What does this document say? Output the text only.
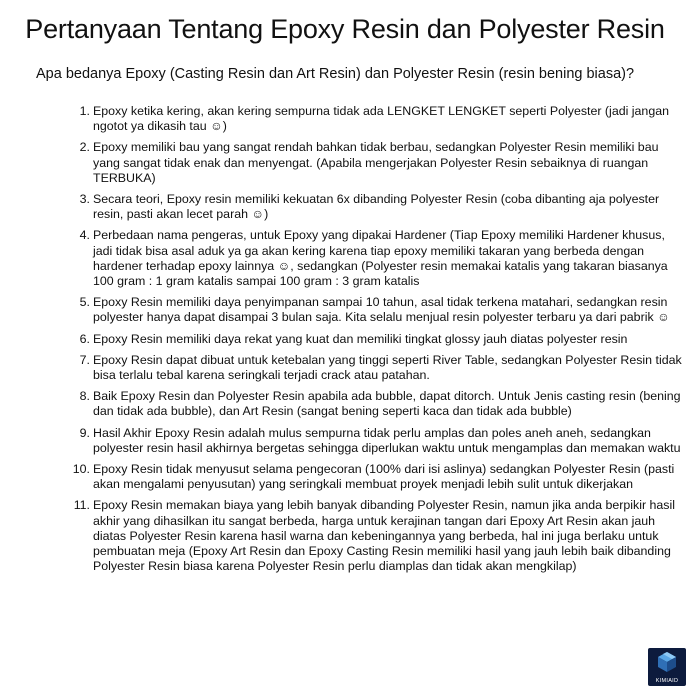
Pertanyaan Tentang Epoxy Resin dan Polyester Resin

Apa bedanya Epoxy (Casting Resin dan Art Resin) dan Polyester Resin (resin bening biasa)?

1. Epoxy ketika kering, akan kering sempurna tidak ada LENGKET LENGKET seperti Polyester (jadi jangan ngotot ya dikasih tau ☺)
2. Epoxy memiliki bau yang sangat rendah bahkan tidak berbau, sedangkan Polyester Resin memiliki bau yang sangat tidak enak dan menyengat. (Apabila mengerjakan Polyester Resin sebaiknya di ruangan TERBUKA)
3. Secara teori, Epoxy resin memiliki kekuatan 6x dibanding Polyester Resin (coba dibanting aja polyester resin, pasti akan lecet parah ☺)
4. Perbedaan nama pengeras, untuk Epoxy yang dipakai Hardener (Tiap Epoxy memiliki Hardener khusus, jadi tidak bisa asal aduk ya ga akan kering karena tiap epoxy memiliki takaran yang berbeda dengan hardener terhadap epoxy lainnya ☺, sedangkan (Polyester resin memakai katalis yang takaran biasanya 100 gram : 1 gram katalis sampai 100 gram : 3 gram katalis
5. Epoxy Resin memiliki daya penyimpanan sampai 10 tahun, asal tidak terkena matahari, sedangkan resin polyester hanya dapat disampai 3 bulan saja. Kita selalu menjual resin polyester terbaru ya dari pabrik ☺
6. Epoxy Resin memiliki daya rekat yang kuat dan memiliki tingkat glossy jauh diatas polyester resin
7. Epoxy Resin dapat dibuat untuk ketebalan yang tinggi seperti River Table, sedangkan Polyester Resin tidak bisa terlalu tebal karena seringkali terjadi crack atau patahan.
8. Baik Epoxy Resin dan Polyester Resin apabila ada bubble, dapat ditorch. Untuk Jenis casting resin (bening dan tidak ada bubble), dan Art Resin (sangat bening seperti kaca dan tidak ada bubble)
9. Hasil Akhir Epoxy Resin adalah mulus sempurna tidak perlu amplas dan poles aneh aneh, sedangkan polyester resin hasil akhirnya bergetas sehingga diperlukan waktu untuk mengamplas dan memakan waktu
10. Epoxy Resin tidak menyusut selama pengecoran (100% dari isi aslinya) sedangkan Polyester Resin (pasti akan mengalami penyusutan) yang seringkali membuat proyek menjadi lebih sulit untuk dikerjakan
11. Epoxy Resin memakan biaya yang lebih banyak dibanding Polyester Resin, namun jika anda berpikir hasil akhir yang dihasilkan itu sangat berbeda, harga untuk kerajinan tangan dari Epoxy Art Resin akan jauh diatas Polyester Resin karena hasil warna dan kebeningannya yang berbeda, hal ini juga berlaku untuk pembuatan meja (Epoxy Art Resin dan Epoxy Casting Resin memiliki hasil yang jauh lebih baik dibanding Polyester Resin biasa karena Polyester Resin perlu diamplas dan tidak akan mengkilap)
KIMIAID
